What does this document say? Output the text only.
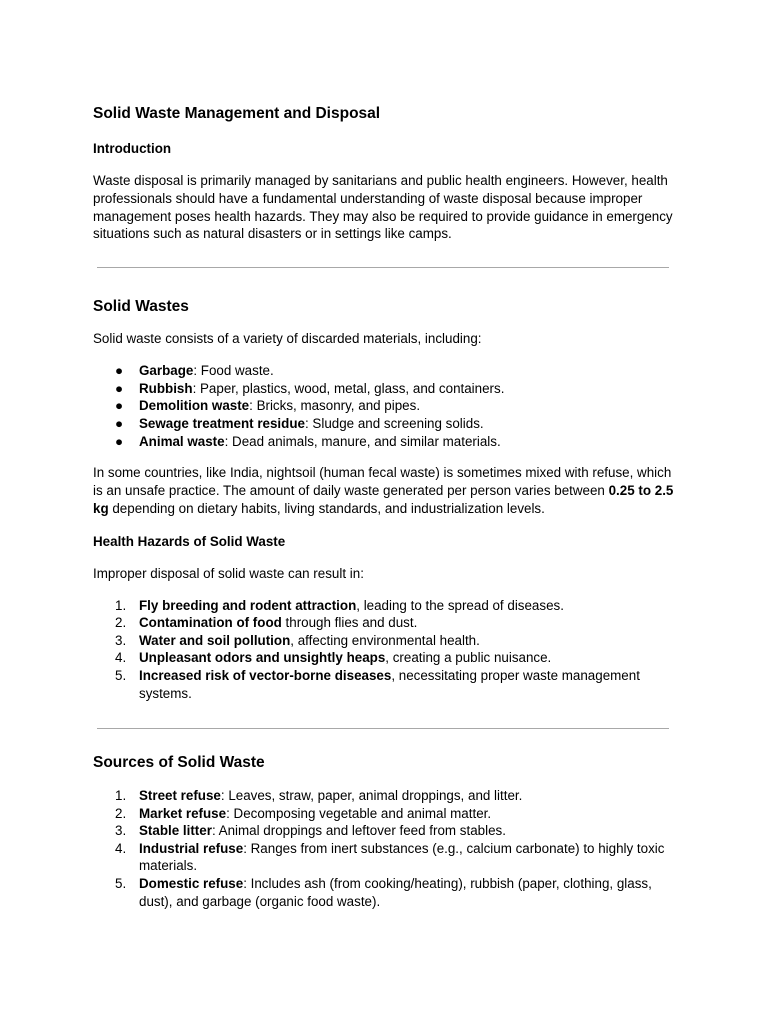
Solid Waste Management and Disposal
Introduction

Waste disposal is primarily managed by sanitarians and public health engineers. However, health professionals should have a fundamental understanding of waste disposal because improper management poses health hazards. They may also be required to provide guidance in emergency situations such as natural disasters or in settings like camps.

Solid Wastes

Solid waste consists of a variety of discarded materials, including:

● Garbage: Food waste.
● Rubbish: Paper, plastics, wood, metal, glass, and containers.
● Demolition waste: Bricks, masonry, and pipes.
● Sewage treatment residue: Sludge and screening solids.
● Animal waste: Dead animals, manure, and similar materials.

In some countries, like India, nightsoil (human fecal waste) is sometimes mixed with refuse, which is an unsafe practice. The amount of daily waste generated per person varies between 0.25 to 2.5 kg depending on dietary habits, living standards, and industrialization levels.

Health Hazards of Solid Waste

Improper disposal of solid waste can result in:

1. Fly breeding and rodent attraction, leading to the spread of diseases.
2. Contamination of food through flies and dust.
3. Water and soil pollution, affecting environmental health.
4. Unpleasant odors and unsightly heaps, creating a public nuisance.
5. Increased risk of vector-borne diseases, necessitating proper waste management systems.
Sources of Solid Waste
1. Street refuse: Leaves, straw, paper, animal droppings, and litter.
2. Market refuse: Decomposing vegetable and animal matter.
3. Stable litter: Animal droppings and leftover feed from stables.
4. Industrial refuse: Ranges from inert substances (e.g., calcium carbonate) to highly toxic materials.
5. Domestic refuse: Includes ash (from cooking/heating), rubbish (paper, clothing, glass, dust), and garbage (organic food waste).
